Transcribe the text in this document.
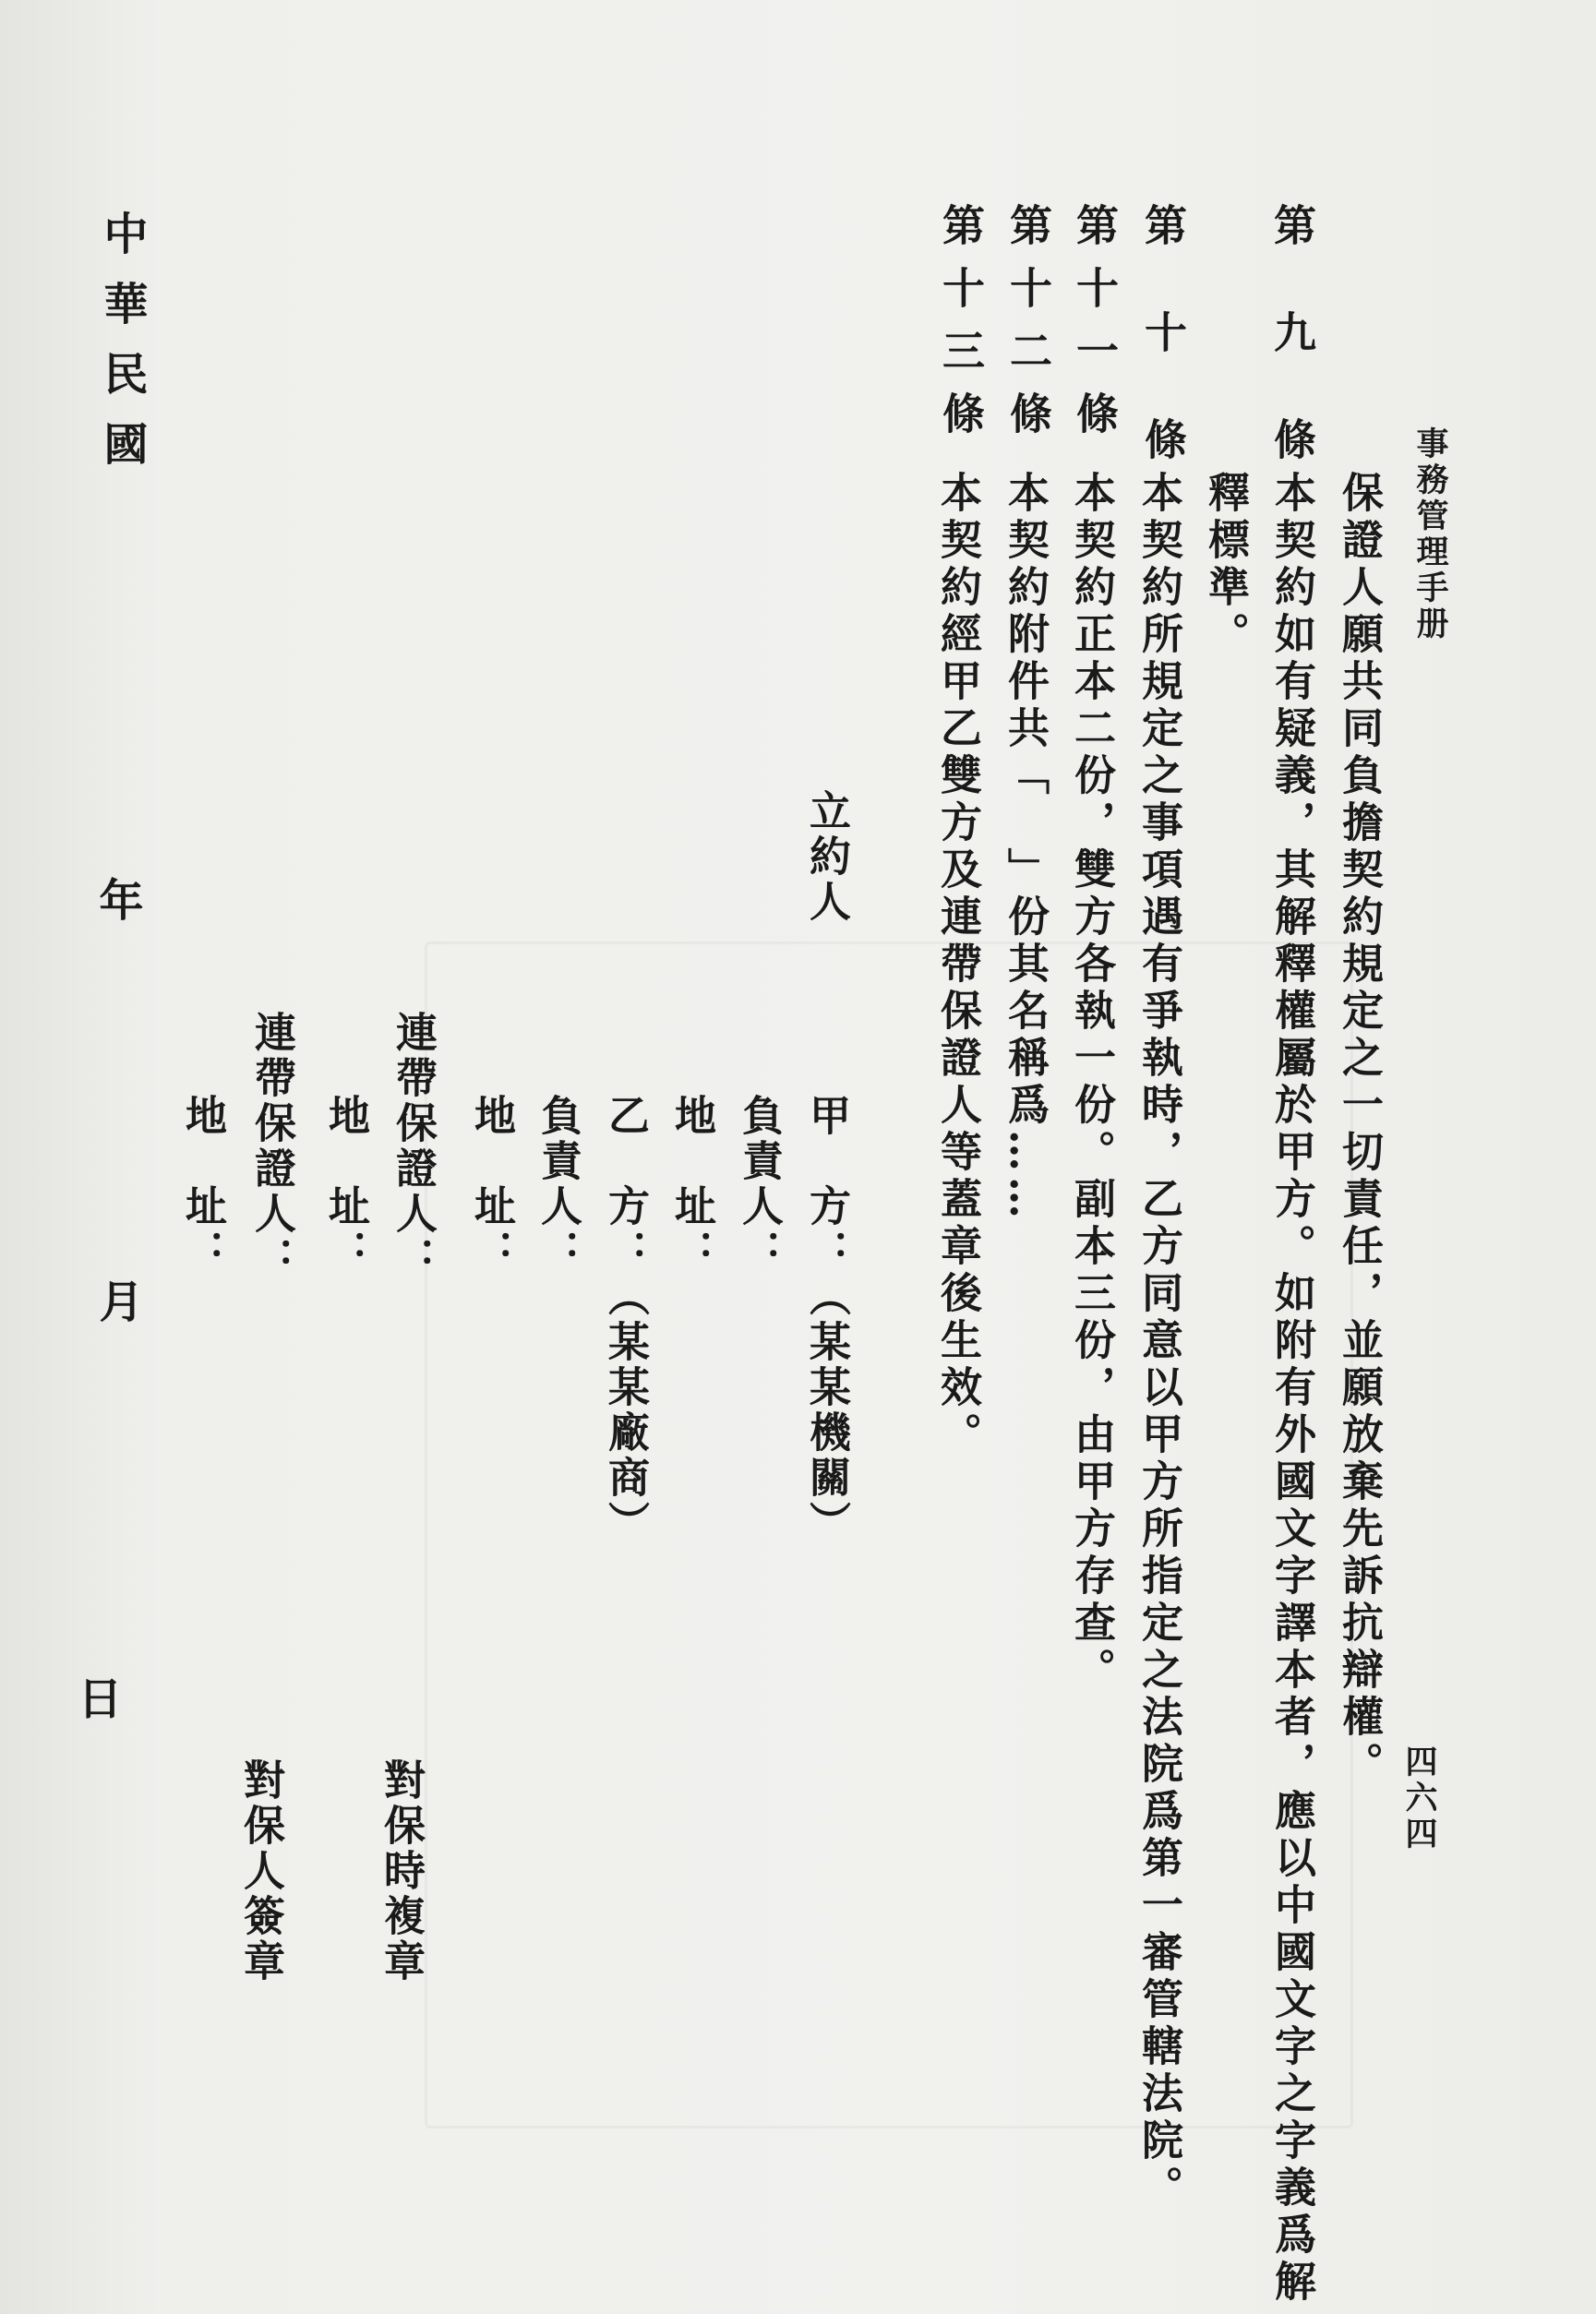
事務管理手册
四六四
第　九　條
第　十　條
第十一條
第十二條
第十三條
保證人願共同負擔契約規定之一切責任，並願放棄先訴抗辯權。
本契約如有疑義，其解釋權屬於甲方。如附有外國文字譯本者，應以中國文字之字義爲解
釋標準。
本契約所規定之事項遇有爭執時，乙方同意以甲方所指定之法院爲第一審管轄法院。
本契約正本二份，雙方各執一份。副本三份，由甲方存查。
本契約附件共「　」份其名稱爲……
本契約經甲乙雙方及連帶保證人等蓋章後生效。
立約人
甲　方：（某某機關）
負責人：
地　址：
乙　方：（某某廠商）
負責人：
地　址：
連帶保證人：
地　址：
連帶保證人：
地　址：
對保時複章
對保人簽章
中華民國
年
月
日
